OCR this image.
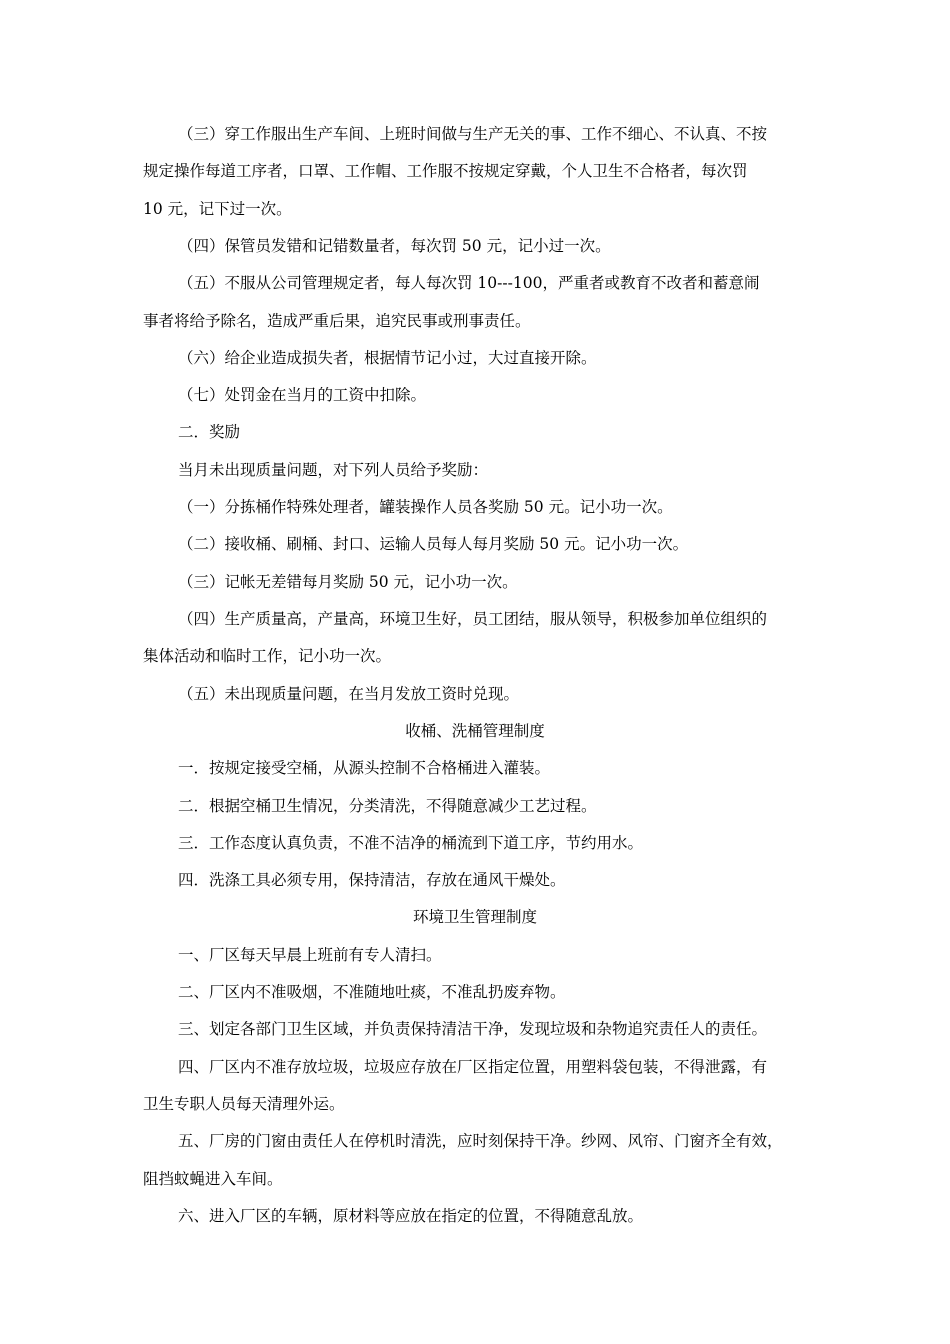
（三）穿工作服出生产车间、上班时间做与生产无关的事、工作不细心、不认真、不按
规定操作每道工序者，口罩、工作帽、工作服不按规定穿戴，个人卫生不合格者，每次罚
10 元，记下过一次。
（四）保管员发错和记错数量者，每次罚 50 元，记小过一次。
（五）不服从公司管理规定者，每人每次罚 10---100，严重者或教育不改者和蓄意闹
事者将给予除名，造成严重后果，追究民事或刑事责任。
（六）给企业造成损失者，根据情节记小过，大过直接开除。
（七）处罚金在当月的工资中扣除。
二．奖励
当月未出现质量问题，对下列人员给予奖励：
（一）分拣桶作特殊处理者，罐装操作人员各奖励 50 元。记小功一次。
（二）接收桶、刷桶、封口、运输人员每人每月奖励 50 元。记小功一次。
（三）记帐无差错每月奖励 50 元，记小功一次。
（四）生产质量高，产量高，环境卫生好，员工团结，服从领导，积极参加单位组织的
集体活动和临时工作，记小功一次。
（五）未出现质量问题，在当月发放工资时兑现。
收桶、洗桶管理制度
一．按规定接受空桶，从源头控制不合格桶进入灌装。
二．根据空桶卫生情况，分类清洗，不得随意减少工艺过程。
三．工作态度认真负责，不准不洁净的桶流到下道工序，节约用水。
四．洗涤工具必须专用，保持清洁，存放在通风干燥处。
环境卫生管理制度
一、厂区每天早晨上班前有专人清扫。
二、厂区内不准吸烟，不准随地吐痰，不准乱扔废弃物。
三、划定各部门卫生区域，并负责保持清洁干净，发现垃圾和杂物追究责任人的责任。
四、厂区内不准存放垃圾，垃圾应存放在厂区指定位置，用塑料袋包装，不得泄露，有
卫生专职人员每天清理外运。
五、厂房的门窗由责任人在停机时清洗，应时刻保持干净。纱网、风帘、门窗齐全有效，
阻挡蚊蝇进入车间。
六、进入厂区的车辆，原材料等应放在指定的位置，不得随意乱放。
